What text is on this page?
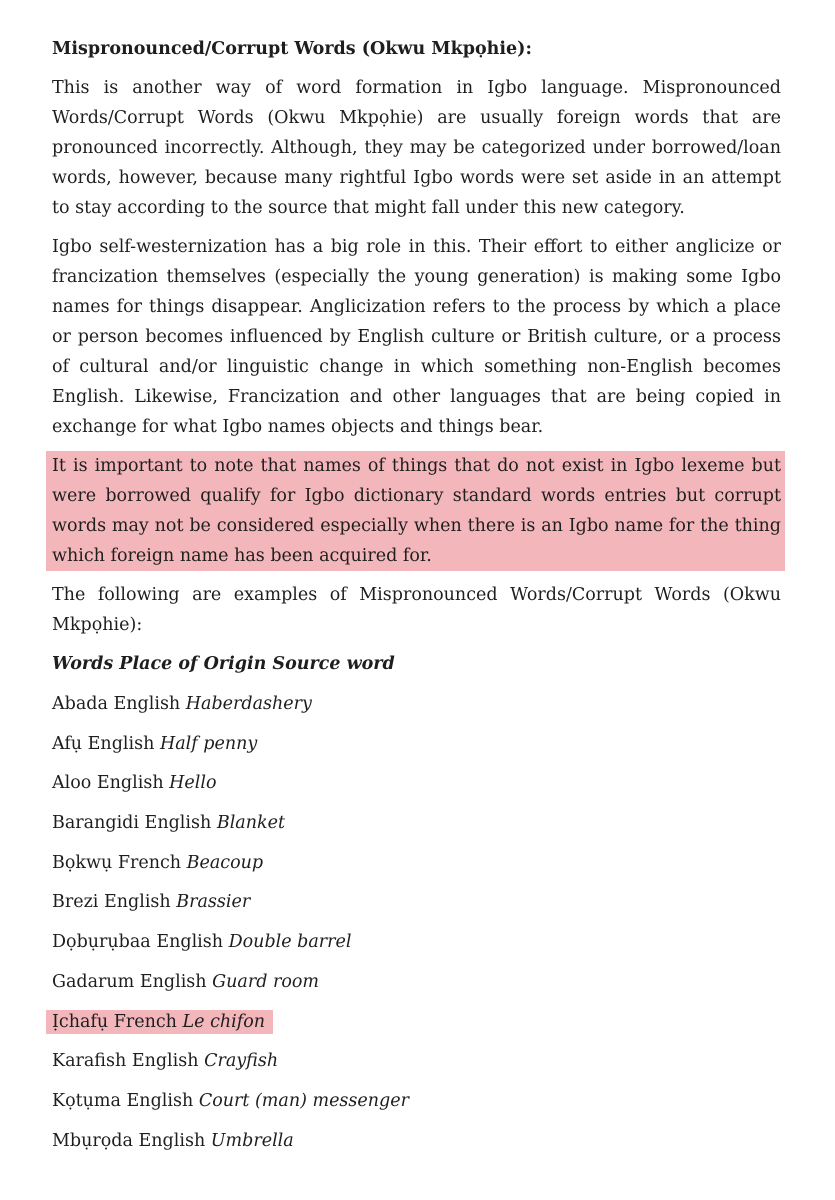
Mispronounced/Corrupt Words (Okwu Mkpọhie):

This is another way of word formation in Igbo language. Mispronounced Words/Corrupt Words (Okwu Mkpọhie) are usually foreign words that are pronounced incorrectly. Although, they may be categorized under borrowed/loan words, however, because many rightful Igbo words were set aside in an attempt to stay according to the source that might fall under this new category.

Igbo self-westernization has a big role in this. Their effort to either anglicize or francization themselves (especially the young generation) is making some Igbo names for things disappear. Anglicization refers to the process by which a place or person becomes influenced by English culture or British culture, or a process of cultural and/or linguistic change in which something non-English becomes English. Likewise, Francization and other languages that are being copied in exchange for what Igbo names objects and things bear.

It is important to note that names of things that do not exist in Igbo lexeme but were borrowed qualify for Igbo dictionary standard words entries but corrupt words may not be considered especially when there is an Igbo name for the thing which foreign name has been acquired for.

The following are examples of Mispronounced Words/Corrupt Words (Okwu Mkpọhie):

Words Place of Origin Source word
Abada English Haberdashery
Afụ English Half penny
Aloo English Hello
Barangidi English Blanket
Bọkwụ French Beacoup
Brezi English Brassier
Dọbụrụbaa English Double barrel
Gadarum English Guard room
Ịchafụ French Le chifon
Karafish English Crayfish
Kọtụma English Court (man) messenger
Mbụrọda English Umbrella
